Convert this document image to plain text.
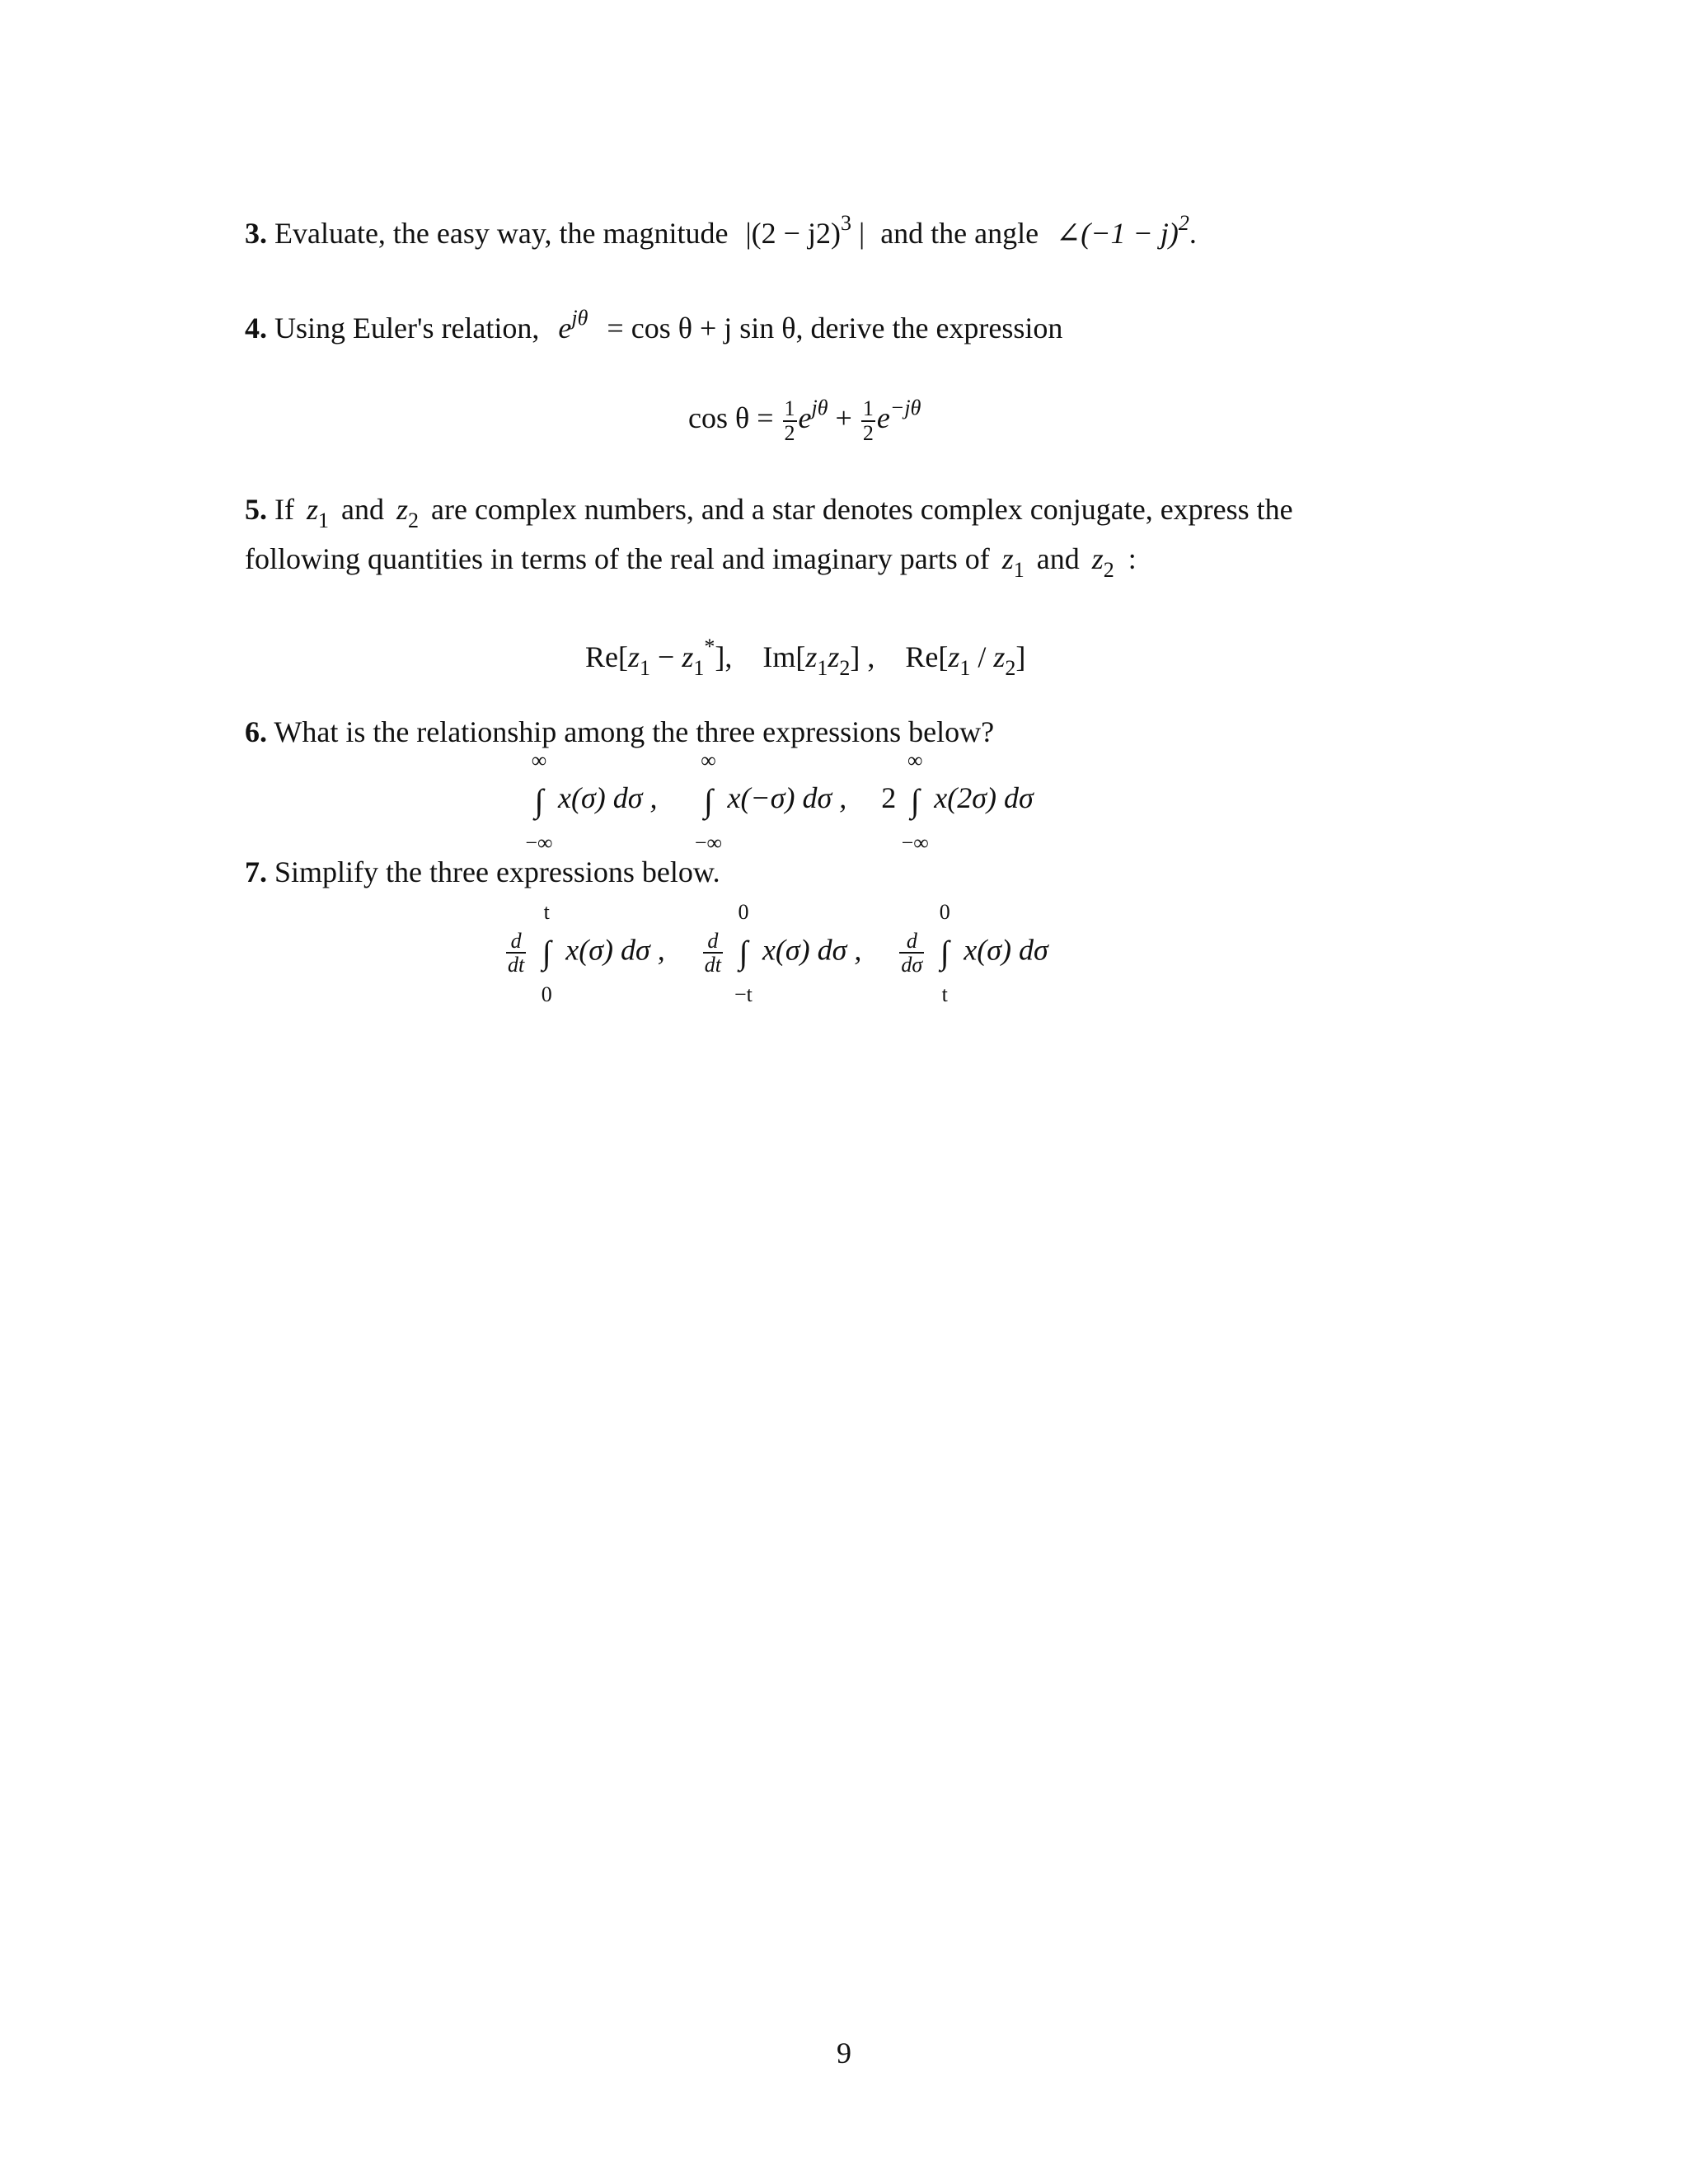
3. Evaluate, the easy way, the magnitude $|(2 - j2)^3$ | and the angle ∠(−1 − j)$^2$.
4. Using Euler's relation, $e^{j\theta} = \cos \theta + j$ sin θ, derive the expression
$\cos \theta = \frac{1}{2} e^{j\theta} + \frac{1}{2} e^{-j\theta}$
5. If $z_1$ and $z_2$ are complex numbers, and a star denotes complex conjugate, express the
following quantities in terms of the real and imaginary parts of $z_1$ and $z_2$ :
$Re[z_1 - z_1^*]$, $Im[z_1z_2]$ , $Re[z_1 / z_2]$
6. What is the relationship among the three expressions below?
∞
∫
−∞
x(σ) dσ ,
∞
∫
−∞
x(−σ) dσ , 2
∞
∫
−∞
x(2σ) dσ
7. Simplify the three expressions below.
$\frac{d}{dt}$

t
∫
0
x(σ) dσ , $\frac{d}{dt}$

0
∫
−t
x(σ) dσ , $\frac{d}{d\sigma}$

0
∫
t
x(σ) dσ
9
